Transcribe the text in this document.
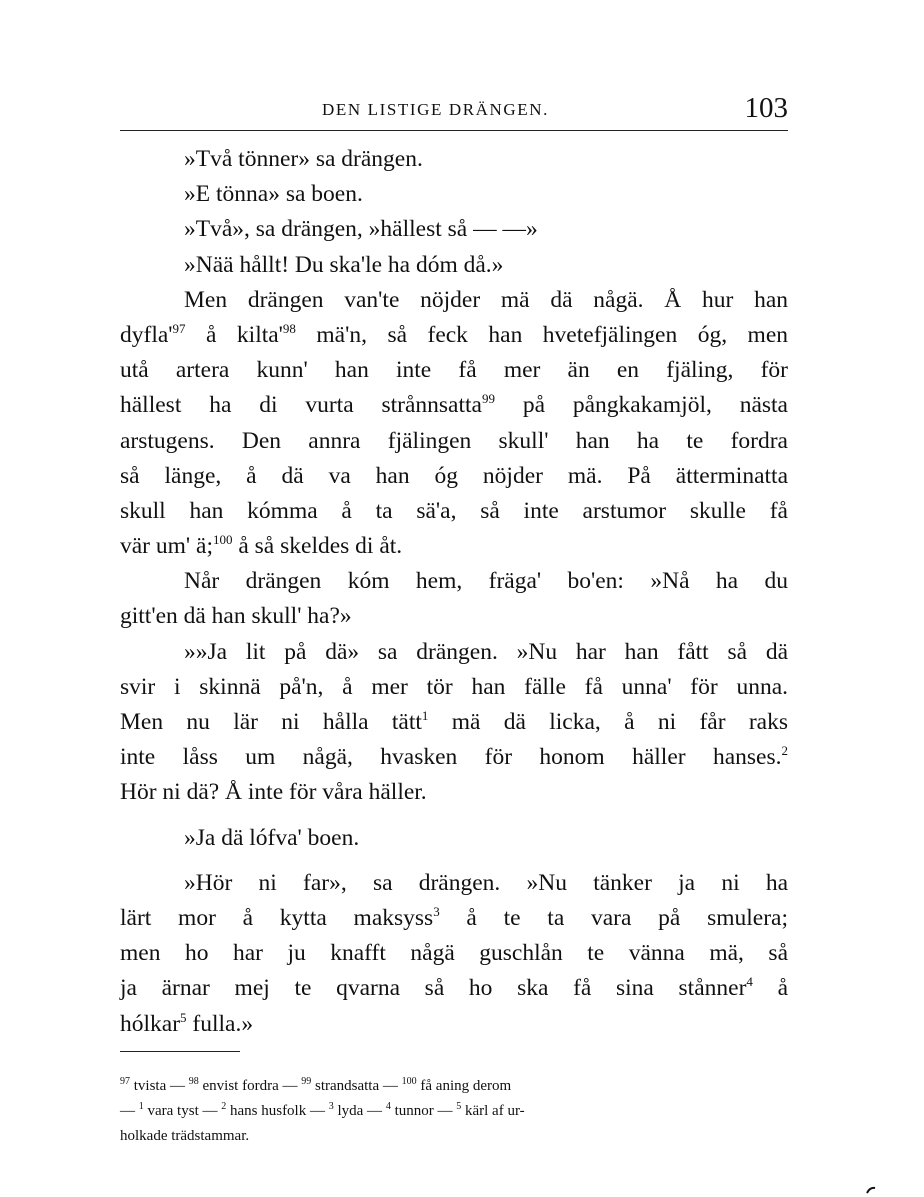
DEN LISTIGE DRÄNGEN.	103
»Två tönner» sa drängen.
»E tönna» sa boen.
»Två», sa drängen, »hällest så — —»
»Nää hållt! Du ska'le ha dóm då.»
Men drängen van'te nöjder mä dä någä. Å hur han
$dyfla'^{97}$ å $kilta'^{98}$ mä'n, så feck han hvetefjälingen óg, men
utå artera kunn' han inte få mer än en fjäling, för
hällest ha di vurta strånnsatta$^{99}$ på pångkakamjöl, nästa
arstugens. Den annra fjälingen skull' han ha te fordra
så länge, å dä va han óg nöjder mä. På ätterminatta
skull han kómma å ta sä'a, så inte arstumor skulle få
vär um' ä;$^{100}$ å så skeldes di åt.
Når drängen kóm hem, fräga' bo'en: »Nå ha du
gitt'en dä han skull' ha?»
»»Ja lit på dä» sa drängen. »Nu har han fått så dä
svir i skinnä på'n, å mer tör han fälle få unna' för unna.
Men nu lär ni hålla tätt$^1$ mä dä licka, å ni får raks
inte låss um någä, hvasken för honom häller hanses.$^2$
Hör ni dä? Å inte för våra häller.
»Ja dä lófva' boen.
»Hör ni far», sa drängen. »Nu tänker ja ni ha
lärt mor å kytta maksyss$^3$ å te ta vara på smulera;
men ho har ju knafft någä guschlån te vänna mä, så
ja ärnar mej te qvarna så ho ska få sina stånner$^4$ å
hólkar$^5$ fulla.»
$^{97}$ tvista — $^{98}$ envist fordra — $^{99}$ strandsatta — $^{100}$ få aning derom
— $^1$ vara tyst — $^2$ hans husfolk — $^3$ lyda — $^4$ tunnor — $^5$ kärl af ur-
holkade trädstammar.
